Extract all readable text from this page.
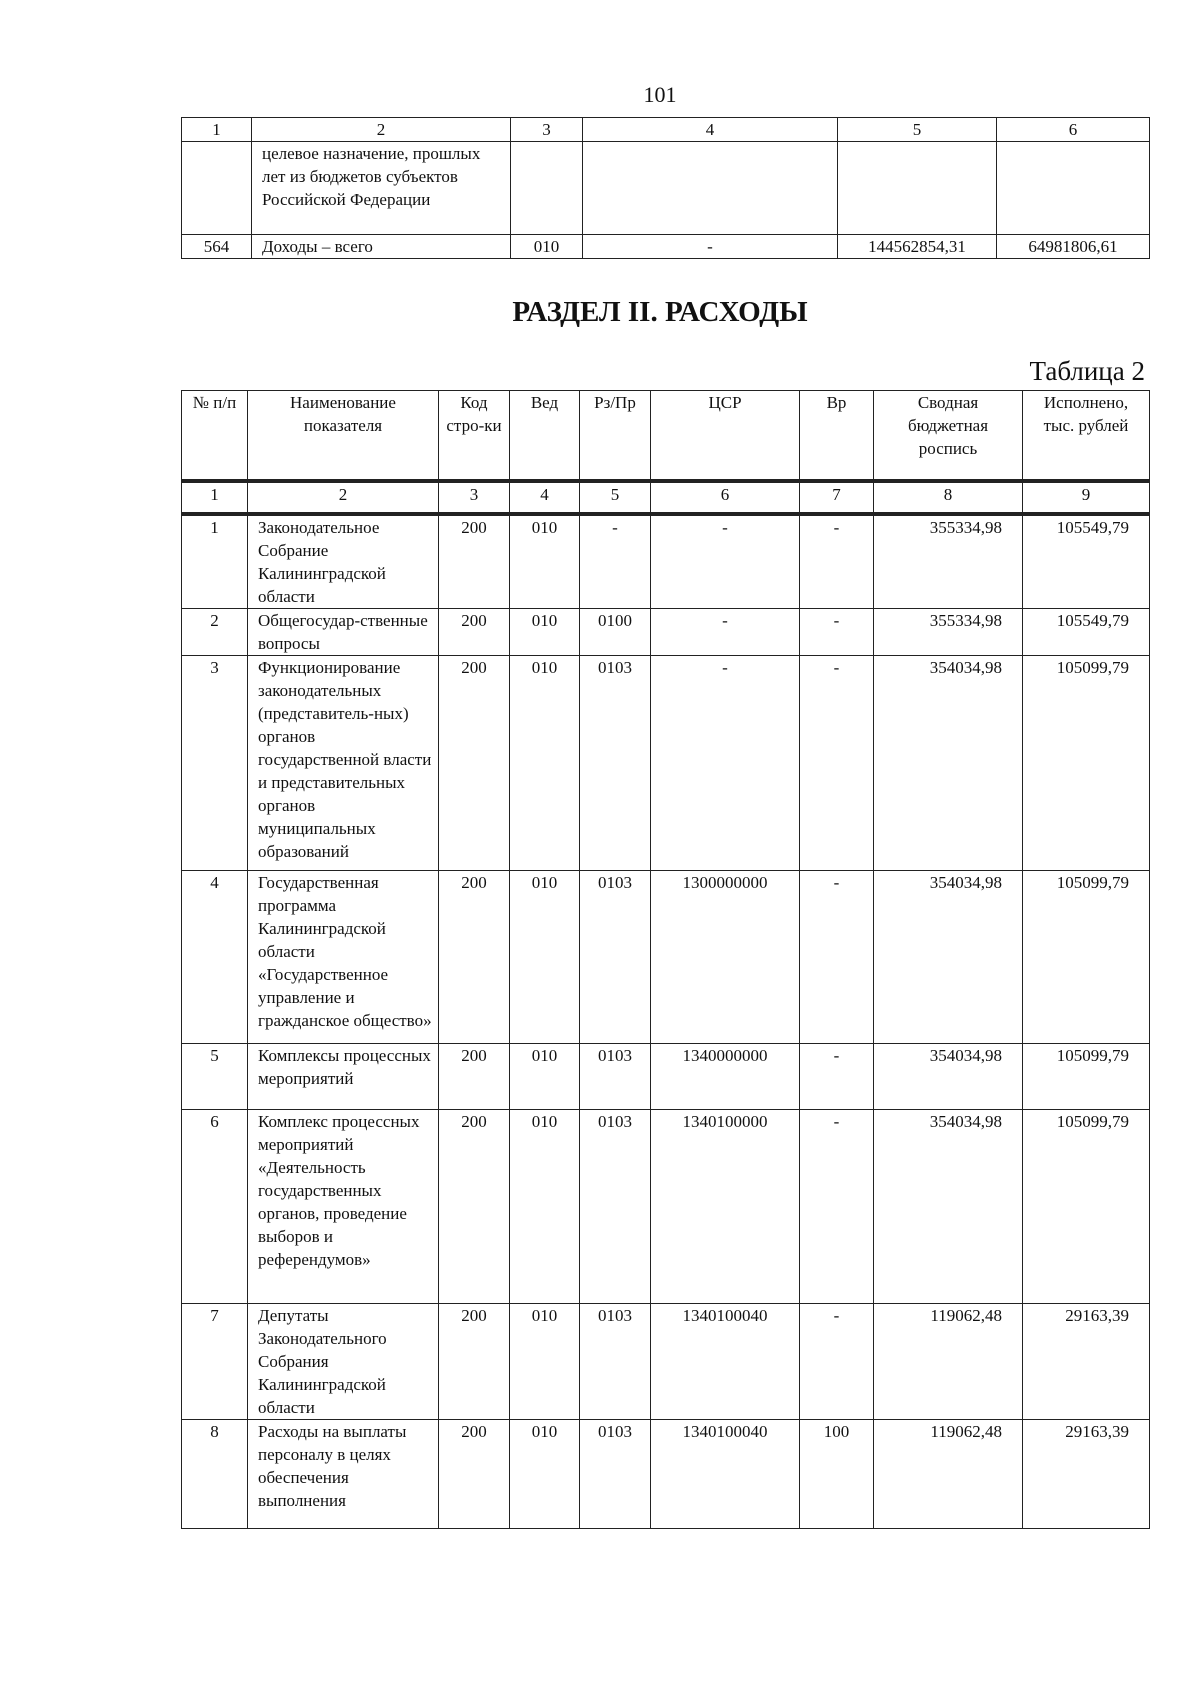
101
1	2	3	4	5	6
	целевое назначение, прошлых лет из бюджетов субъектов Российской Федерации				
564	Доходы – всего	010	-	144562854,31	64981806,61
РАЗДЕЛ II. РАСХОДЫ
Таблица 2
№ п/п	Наименование показателя	Код стро-ки	Вед	Рз/Пр	ЦСР	Вр	Сводная бюджетная роспись	Исполнено, тыс. рублей
1	2	3	4	5	6	7	8	9
1	Законодательное Собрание Калининградской области	200	010	-	-	-	355334,98	105549,79
2	Общегосудар-ственные вопросы	200	010	0100	-	-	355334,98	105549,79
3	Функционирование законодательных (представитель-ных) органов государственной власти и представительных органов муниципальных образований	200	010	0103	-	-	354034,98	105099,79
4	Государственная программа Калининградской области «Государственное управление и гражданское общество»	200	010	0103	1300000000	-	354034,98	105099,79
5	Комплексы процессных мероприятий	200	010	0103	1340000000	-	354034,98	105099,79
6	Комплекс процессных мероприятий «Деятельность государственных органов, проведение выборов и референдумов»	200	010	0103	1340100000	-	354034,98	105099,79
7	Депутаты Законодательного Собрания Калининградской области	200	010	0103	1340100040	-	119062,48	29163,39
8	Расходы на выплаты персоналу в целях обеспечения выполнения	200	010	0103	1340100040	100	119062,48	29163,39
